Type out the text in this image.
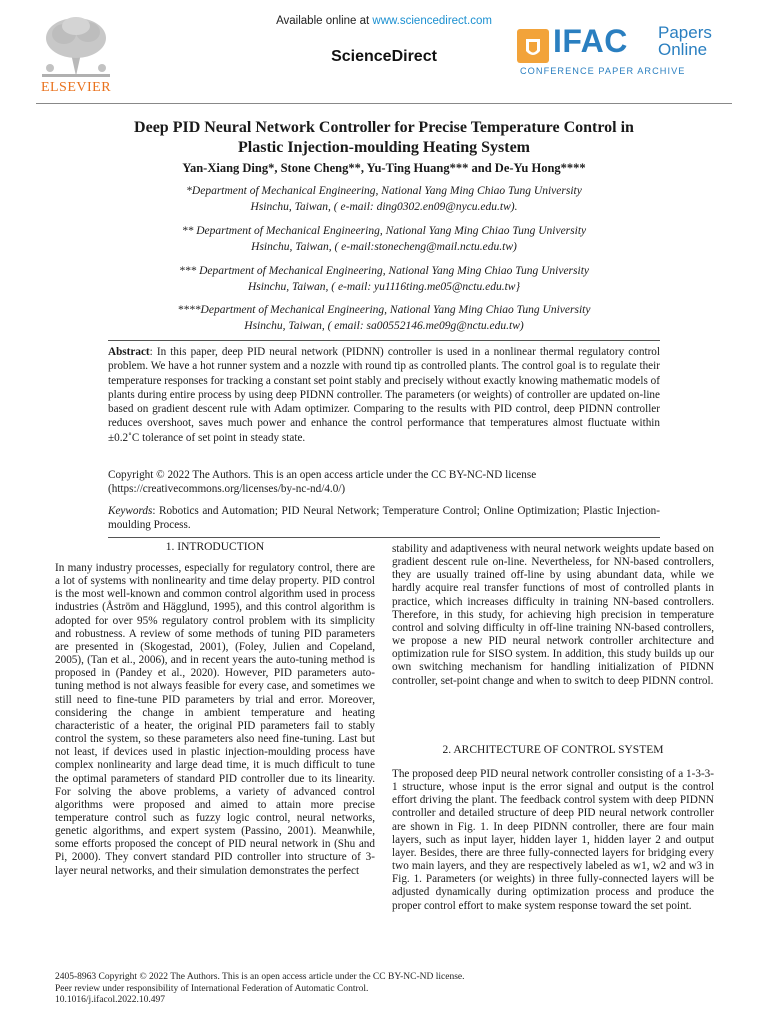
ELSEVIER
Available online at www.sciencedirect.com
ScienceDirect	IFAC Papers
Online
CONFERENCE PAPER ARCHIVE
Deep PID Neural Network Controller for Precise Temperature Control in
Plastic Injection-moulding Heating System
Yan-Xiang Ding*, Stone Cheng**, Yu-Ting Huang*** and De-Yu Hong****
*Department of Mechanical Engineering, National Yang Ming Chiao Tung University
Hsinchu, Taiwan, ( e-mail: ding0302.en09@nycu.edu.tw).
** Department of Mechanical Engineering, National Yang Ming Chiao Tung University
Hsinchu, Taiwan, ( e-mail:stonecheng@mail.nctu.edu.tw)
*** Department of Mechanical Engineering, National Yang Ming Chiao Tung University
Hsinchu, Taiwan, ( e-mail: yu1116ting.me05@nctu.edu.tw}
****Department of Mechanical Engineering, National Yang Ming Chiao Tung University
Hsinchu, Taiwan, ( email: sa00552146.me09g@nctu.edu.tw)
Abstract: In this paper, deep PID neural network (PIDNN) controller is used in a nonlinear thermal regulatory control problem. We have a hot runner system and a nozzle with round tip as controlled plants. The control goal is to regulate their temperature responses for tracking a constant set point stably and precisely without exactly knowing mathematic models of plants during entire process by using deep PIDNN controller. The parameters (or weights) of controller are updated on-line based on gradient descent rule with Adam optimizer. Comparing to the results with PID control, deep PIDNN controller reduces overshoot, saves much power and enhance the control performance that temperatures almost fluctuate within ±0.2˚C tolerance of set point in steady state.
Copyright © 2022 The Authors. This is an open access article under the CC BY-NC-ND license
(https://creativecommons.org/licenses/by-nc-nd/4.0/)
Keywords: Robotics and Automation; PID Neural Network; Temperature Control; Online Optimization; Plastic Injection-moulding Process.
1. INTRODUCTION
In many industry processes, especially for regulatory control, there are a lot of systems with nonlinearity and time delay property. PID control is the most well-known and common control algorithm used in process industries (Åström and Hägglund, 1995), and this control algorithm is adopted for over 95% regulatory control problem with its simplicity and robustness. A review of some methods of tuning PID parameters are presented in (Skogestad, 2001), (Foley, Julien and Copeland, 2005), (Tan et al., 2006), and in recent years the auto-tuning method is proposed in (Pandey et al., 2020). However, PID parameters auto-tuning method is not always feasible for every case, and sometimes we still need to fine-tune PID parameters by trial and error. Moreover, considering the change in ambient temperature and heating characteristic of a heater, the original PID parameters fail to stably control the system, so these parameters also need fine-tuning. Last but not least, if devices used in plastic injection-moulding process have complex nonlinearity and large dead time, it is much difficult to tune the optimal parameters of standard PID controller due to its linearity. For solving the above problems, a variety of advanced control algorithms were proposed and aimed to attain more precise temperature control such as fuzzy logic control, neural networks, genetic algorithms, and expert system (Passino, 2001). Meanwhile, some efforts proposed the concept of PID neural network in (Shu and Pi, 2000). They convert standard PID controller into structure of 3-layer neural networks, and their simulation demonstrates the perfect
stability and adaptiveness with neural network weights update based on gradient descent rule on-line. Nevertheless, for NN-based controllers, they are usually trained off-line by using abundant data, while we hardly acquire real transfer functions of most of controlled plants in practice, which increases difficulty in training NN-based controllers. Therefore, in this study, for achieving high precision in temperature control and solving difficulty in off-line training NN-based controllers, we propose a new PID neural network controller architecture and optimization rule for SISO system. In addition, this study builds up our own switching mechanism for handling initialization of PIDNN controller, set-point change and when to switch to deep PIDNN control.
2. ARCHITECTURE OF CONTROL SYSTEM
The proposed deep PID neural network controller consisting of a 1-3-3-1 structure, whose input is the error signal and output is the control effort driving the plant. The feedback control system with deep PIDNN controller and detailed structure of deep PID neural network controller are shown in Fig. 1. In deep PIDNN controller, there are four main layers, such as input layer, hidden layer 1, hidden layer 2 and output layer. Besides, there are three fully-connected layers for bridging every two main layers, and they are respectively labeled as w1, w2 and w3 in Fig. 1. Parameters (or weights) in three fully-connected layers will be adjusted dynamically during optimization process and produce the proper control effort to make system response toward the set point.
2405-8963 Copyright © 2022 The Authors. This is an open access article under the CC BY-NC-ND license.
Peer review under responsibility of International Federation of Automatic Control.
10.1016/j.ifacol.2022.10.497
